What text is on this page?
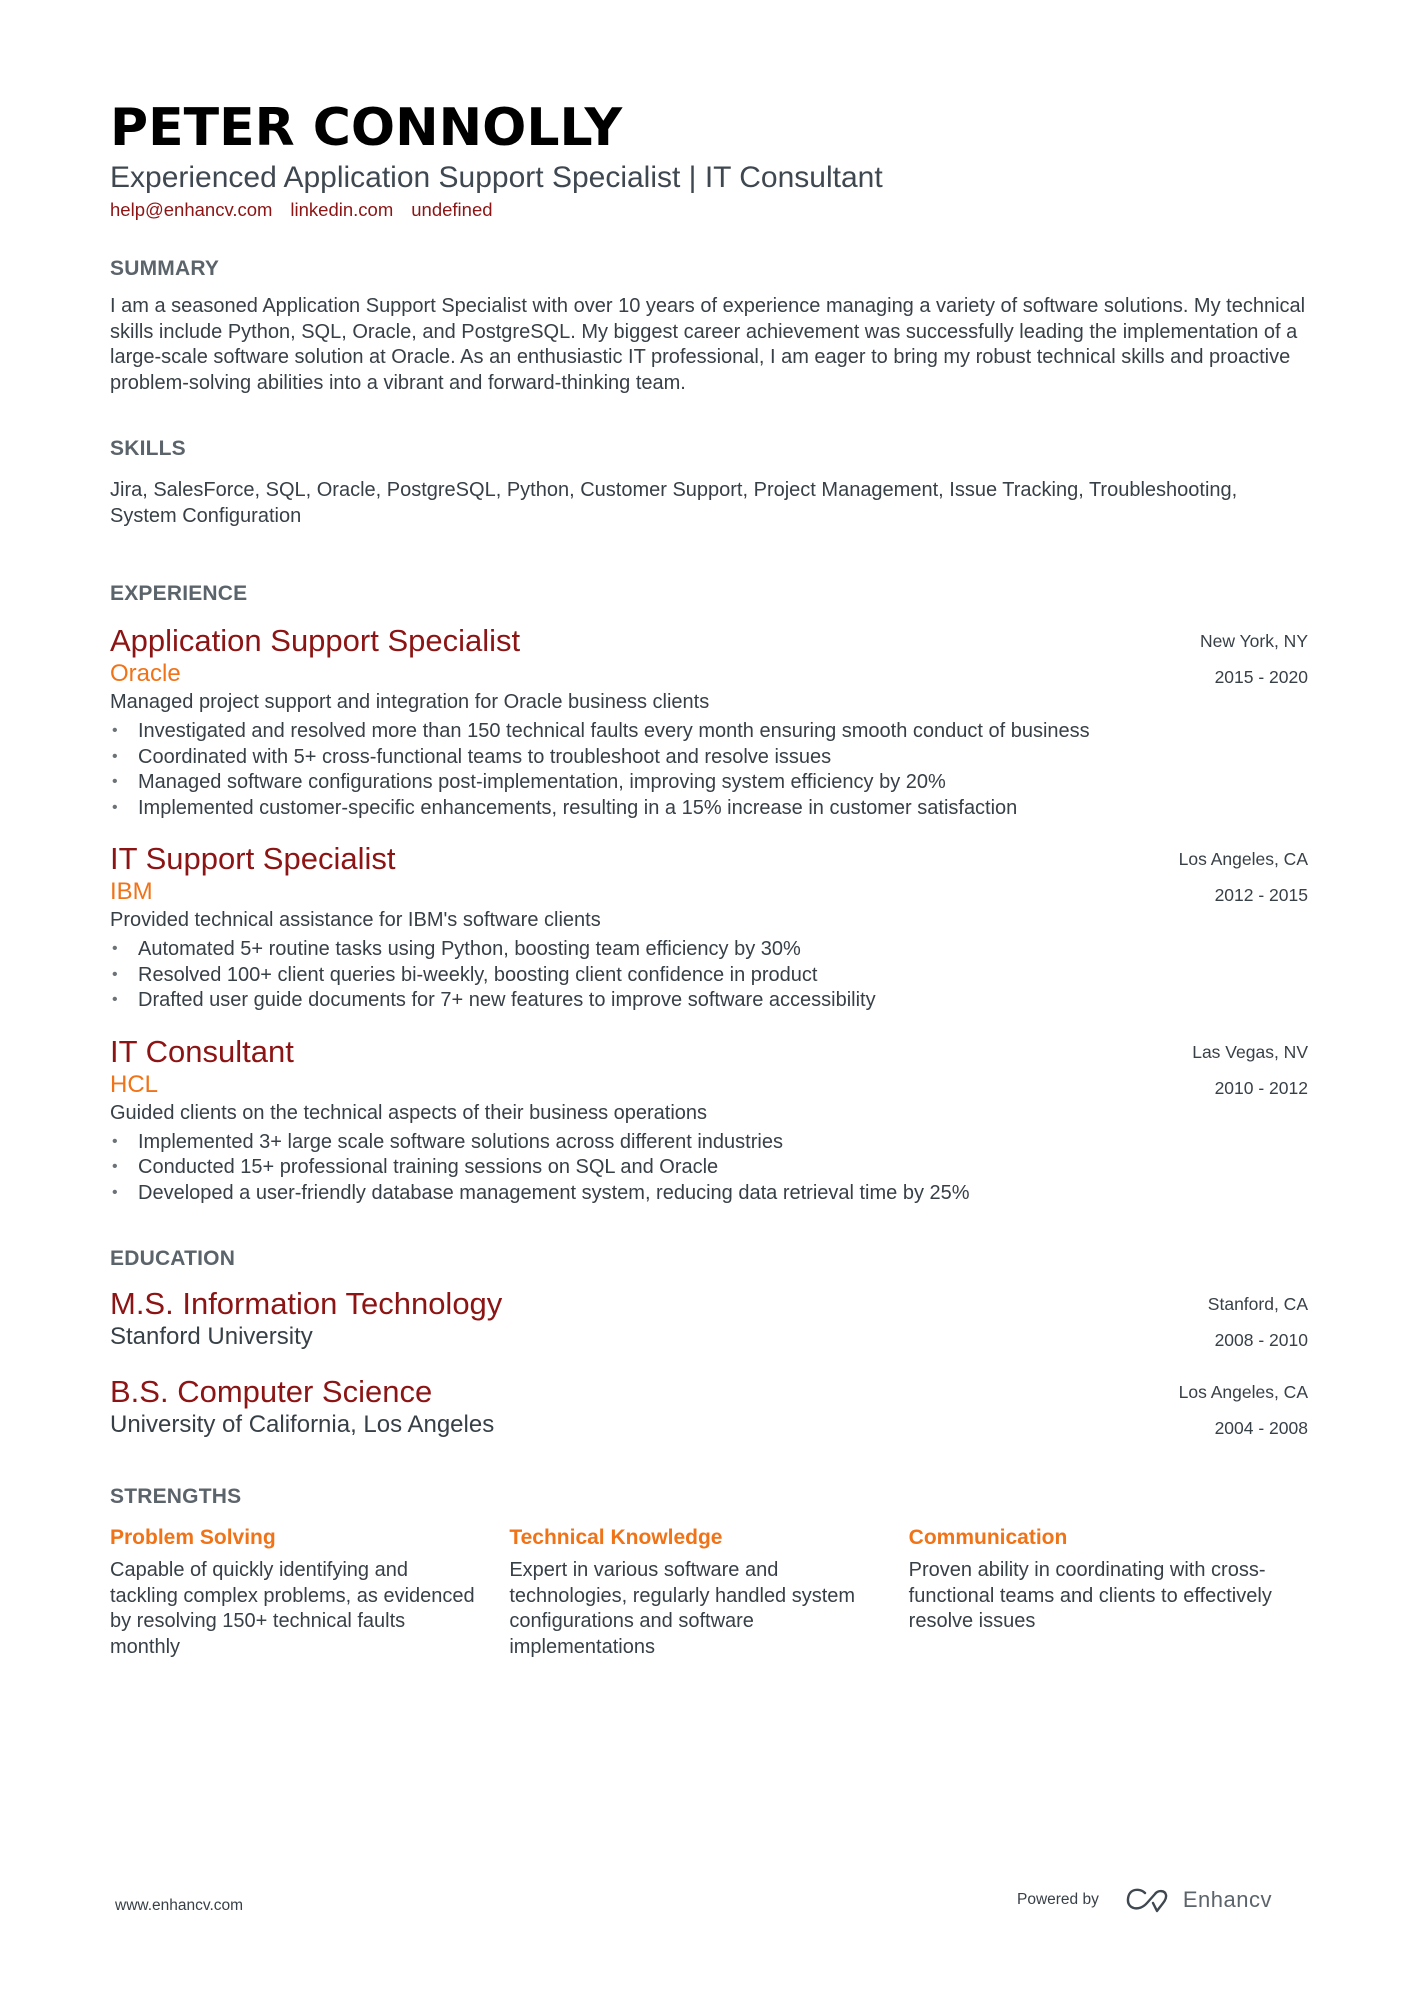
PETER CONNOLLY
Experienced Application Support Specialist | IT Consultant
help@enhancv.com linkedin.com undefined
SUMMARY
I am a seasoned Application Support Specialist with over 10 years of experience managing a variety of software solutions. My technical skills include Python, SQL, Oracle, and PostgreSQL. My biggest career achievement was successfully leading the implementation of a large-scale software solution at Oracle. As an enthusiastic IT professional, I am eager to bring my robust technical skills and proactive problem-solving abilities into a vibrant and forward-thinking team.
SKILLS
Jira, SalesForce, SQL, Oracle, PostgreSQL, Python, Customer Support, Project Management, Issue Tracking, Troubleshooting, System Configuration
EXPERIENCE
Application Support Specialist
Oracle
New York, NY
2015 - 2020
Managed project support and integration for Oracle business clients
• Investigated and resolved more than 150 technical faults every month ensuring smooth conduct of business
• Coordinated with 5+ cross-functional teams to troubleshoot and resolve issues
• Managed software configurations post-implementation, improving system efficiency by 20%
• Implemented customer-specific enhancements, resulting in a 15% increase in customer satisfaction
IT Support Specialist
IBM
Los Angeles, CA
2012 - 2015
Provided technical assistance for IBM's software clients
• Automated 5+ routine tasks using Python, boosting team efficiency by 30%
• Resolved 100+ client queries bi-weekly, boosting client confidence in product
• Drafted user guide documents for 7+ new features to improve software accessibility
IT Consultant
HCL
Las Vegas, NV
2010 - 2012
Guided clients on the technical aspects of their business operations
• Implemented 3+ large scale software solutions across different industries
• Conducted 15+ professional training sessions on SQL and Oracle
• Developed a user-friendly database management system, reducing data retrieval time by 25%
EDUCATION
M.S. Information Technology
Stanford University
Stanford, CA
2008 - 2010
B.S. Computer Science
University of California, Los Angeles
Los Angeles, CA
2004 - 2008
STRENGTHS
Problem Solving
Capable of quickly identifying and tackling complex problems, as evidenced by resolving 150+ technical faults monthly
Technical Knowledge
Expert in various software and technologies, regularly handled system configurations and software implementations
Communication
Proven ability in coordinating with cross-functional teams and clients to effectively resolve issues
www.enhancv.com	Powered by	Enhancv
